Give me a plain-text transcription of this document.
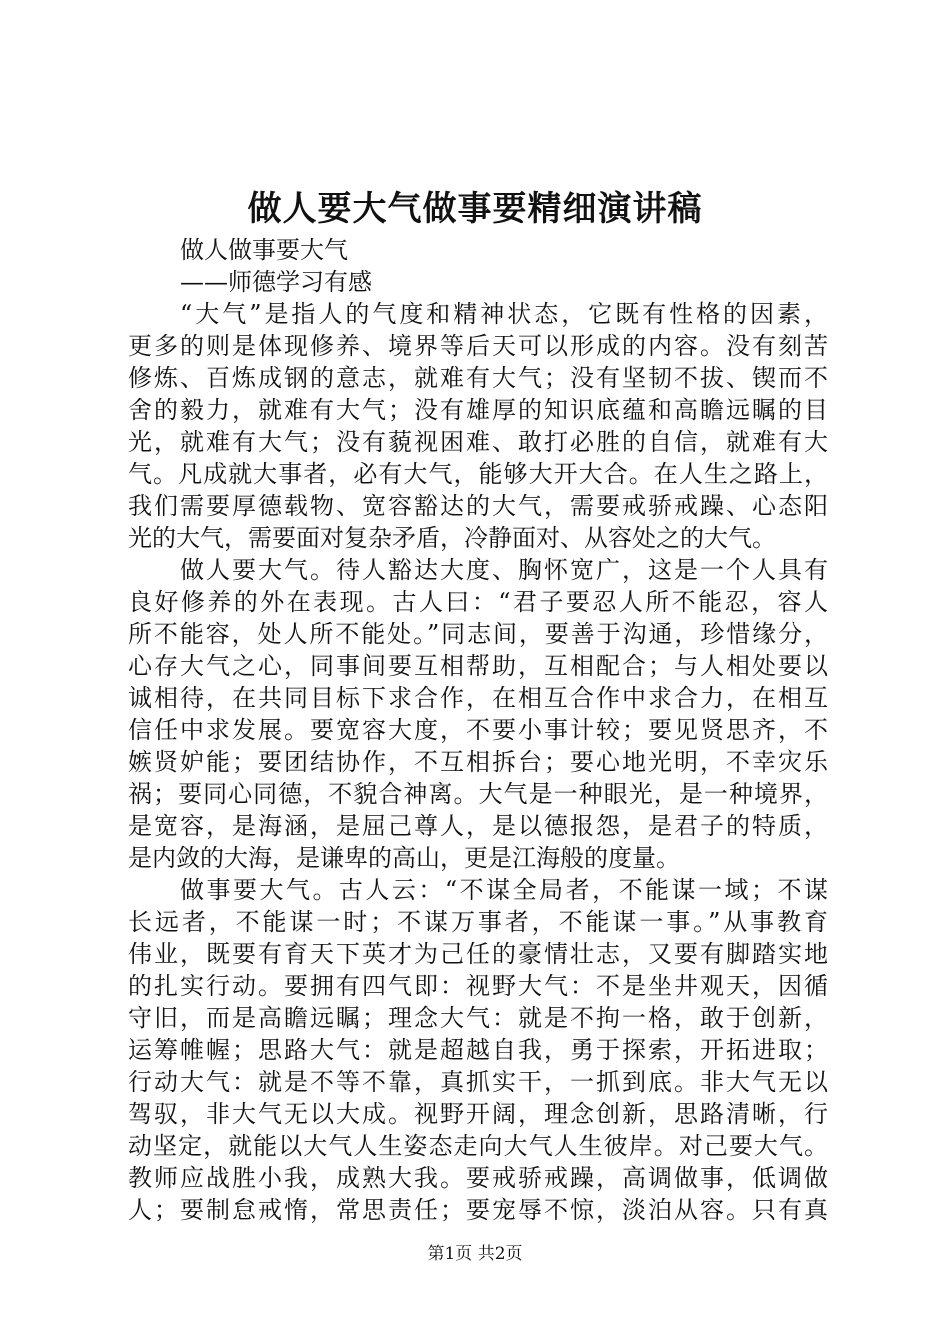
做人要大气做事要精细演讲稿
做人做事要大气
——师德学习有感
“大气”是指人的气度和精神状态，它既有性格的因素，
更多的则是体现修养、境界等后天可以形成的内容。没有刻苦
修炼、百炼成钢的意志，就难有大气；没有坚韧不拔、锲而不
舍的毅力，就难有大气；没有雄厚的知识底蕴和高瞻远瞩的目
光，就难有大气；没有藐视困难、敢打必胜的自信，就难有大
气。凡成就大事者，必有大气，能够大开大合。在人生之路上，
我们需要厚德载物、宽容豁达的大气，需要戒骄戒躁、心态阳
光的大气，需要面对复杂矛盾，冷静面对、从容处之的大气。
做人要大气。待人豁达大度、胸怀宽广，这是一个人具有
良好修养的外在表现。古人曰：“君子要忍人所不能忍，容人
所不能容，处人所不能处。”同志间，要善于沟通，珍惜缘分，
心存大气之心，同事间要互相帮助，互相配合；与人相处要以
诚相待，在共同目标下求合作，在相互合作中求合力，在相互
信任中求发展。要宽容大度，不要小事计较；要见贤思齐，不
嫉贤妒能；要团结协作，不互相拆台；要心地光明，不幸灾乐
祸；要同心同德，不貌合神离。大气是一种眼光，是一种境界，
是宽容，是海涵，是屈己尊人，是以德报怨，是君子的特质，
是内敛的大海，是谦卑的高山，更是江海般的度量。
做事要大气。古人云：“不谋全局者，不能谋一域；不谋
长远者，不能谋一时；不谋万事者，不能谋一事。”从事教育
伟业，既要有育天下英才为己任的豪情壮志，又要有脚踏实地
的扎实行动。要拥有四气即：视野大气：不是坐井观天，因循
守旧，而是高瞻远瞩；理念大气：就是不拘一格，敢于创新，
运筹帷幄；思路大气：就是超越自我，勇于探索，开拓进取；
行动大气：就是不等不靠，真抓实干，一抓到底。非大气无以
驾驭，非大气无以大成。视野开阔，理念创新，思路清晰，行
动坚定，就能以大气人生姿态走向大气人生彼岸。对己要大气。
教师应战胜小我，成熟大我。要戒骄戒躁，高调做事，低调做
人；要制怠戒惰，常思责任；要宠辱不惊，淡泊从容。只有真
第1页 共2页
